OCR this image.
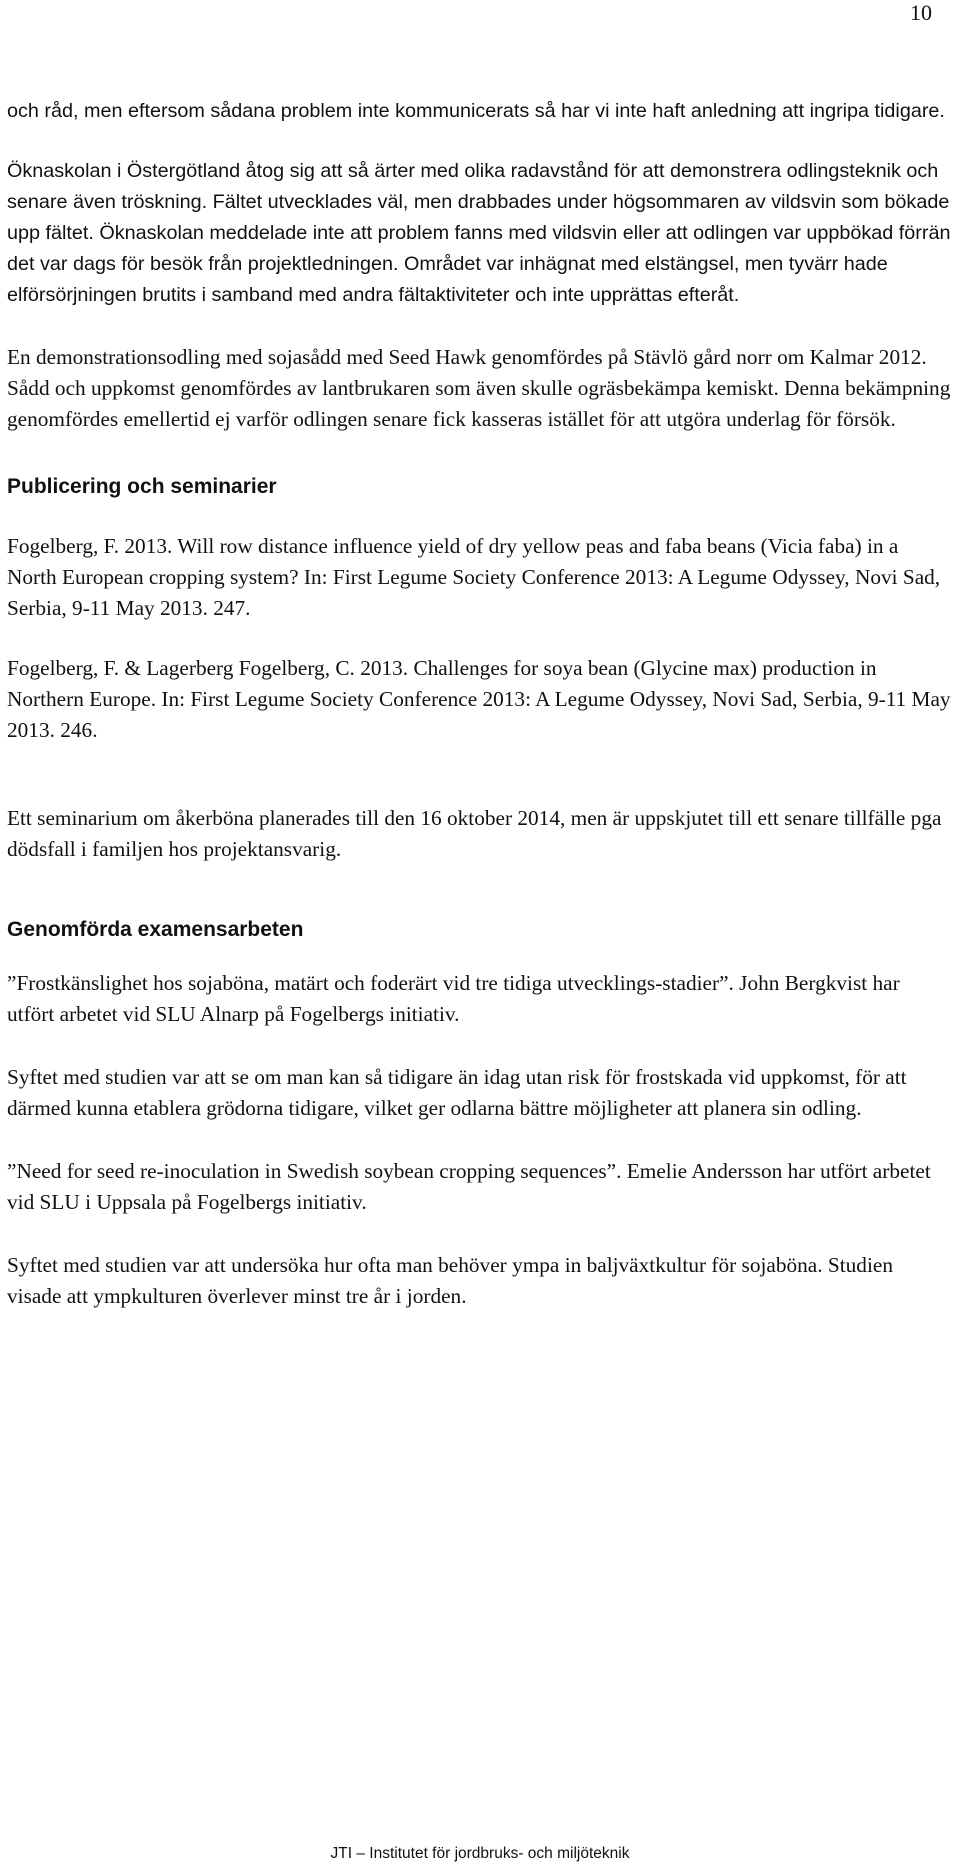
10

och råd, men eftersom sådana problem inte kommunicerats så har vi inte haft anledning att ingripa tidigare.

Öknaskolan i Östergötland åtog sig att så ärter med olika radavstånd för att demonstrera odlingsteknik och senare även tröskning. Fältet utvecklades väl, men drabbades under högsommaren av vildsvin som bökade upp fältet. Öknaskolan meddelade inte att problem fanns med vildsvin eller att odlingen var uppbökad förrän det var dags för besök från projektledningen. Området var inhägnat med elstängsel, men tyvärr hade elförsörjningen brutits i samband med andra fältaktiviteter och inte upprättas efteråt.

En demonstrationsodling med sojasådd med Seed Hawk genomfördes på Stävlö gård norr om Kalmar 2012. Sådd och uppkomst genomfördes av lantbrukaren som även skulle ogräsbekämpa kemiskt. Denna bekämpning genomfördes emellertid ej varför odlingen senare fick kasseras istället för att utgöra underlag för försök.

Publicering och seminarier

Fogelberg, F. 2013. Will row distance influence yield of dry yellow peas and faba beans (Vicia faba) in a North European cropping system? In: First Legume Society Conference 2013: A Legume Odyssey, Novi Sad, Serbia, 9-11 May 2013. 247.

Fogelberg, F. & Lagerberg Fogelberg, C. 2013. Challenges for soya bean (Glycine max) production in Northern Europe. In: First Legume Society Conference 2013: A Legume Odyssey, Novi Sad, Serbia, 9-11 May 2013. 246.

Ett seminarium om åkerböna planerades till den 16 oktober 2014, men är uppskjutet till ett senare tillfälle pga dödsfall i familjen hos projektansvarig.

Genomförda examensarbeten

”Frostkänslighet hos sojaböna, matärt och foderärt vid tre tidiga utvecklings-stadier”. John Bergkvist har utfört arbetet vid SLU Alnarp på Fogelbergs initiativ.

Syftet med studien var att se om man kan så tidigare än idag utan risk för frostskada vid uppkomst, för att därmed kunna etablera grödorna tidigare, vilket ger odlarna bättre möjligheter att planera sin odling.

”Need for seed re-inoculation in Swedish soybean cropping sequences”. Emelie Andersson har utfört arbetet vid SLU i Uppsala på Fogelbergs initiativ.

Syftet med studien var att undersöka hur ofta man behöver ympa in baljväxtkultur för sojaböna. Studien visade att ympkulturen överlever minst tre år i jorden.

JTI – Institutet för jordbruks- och miljöteknik
